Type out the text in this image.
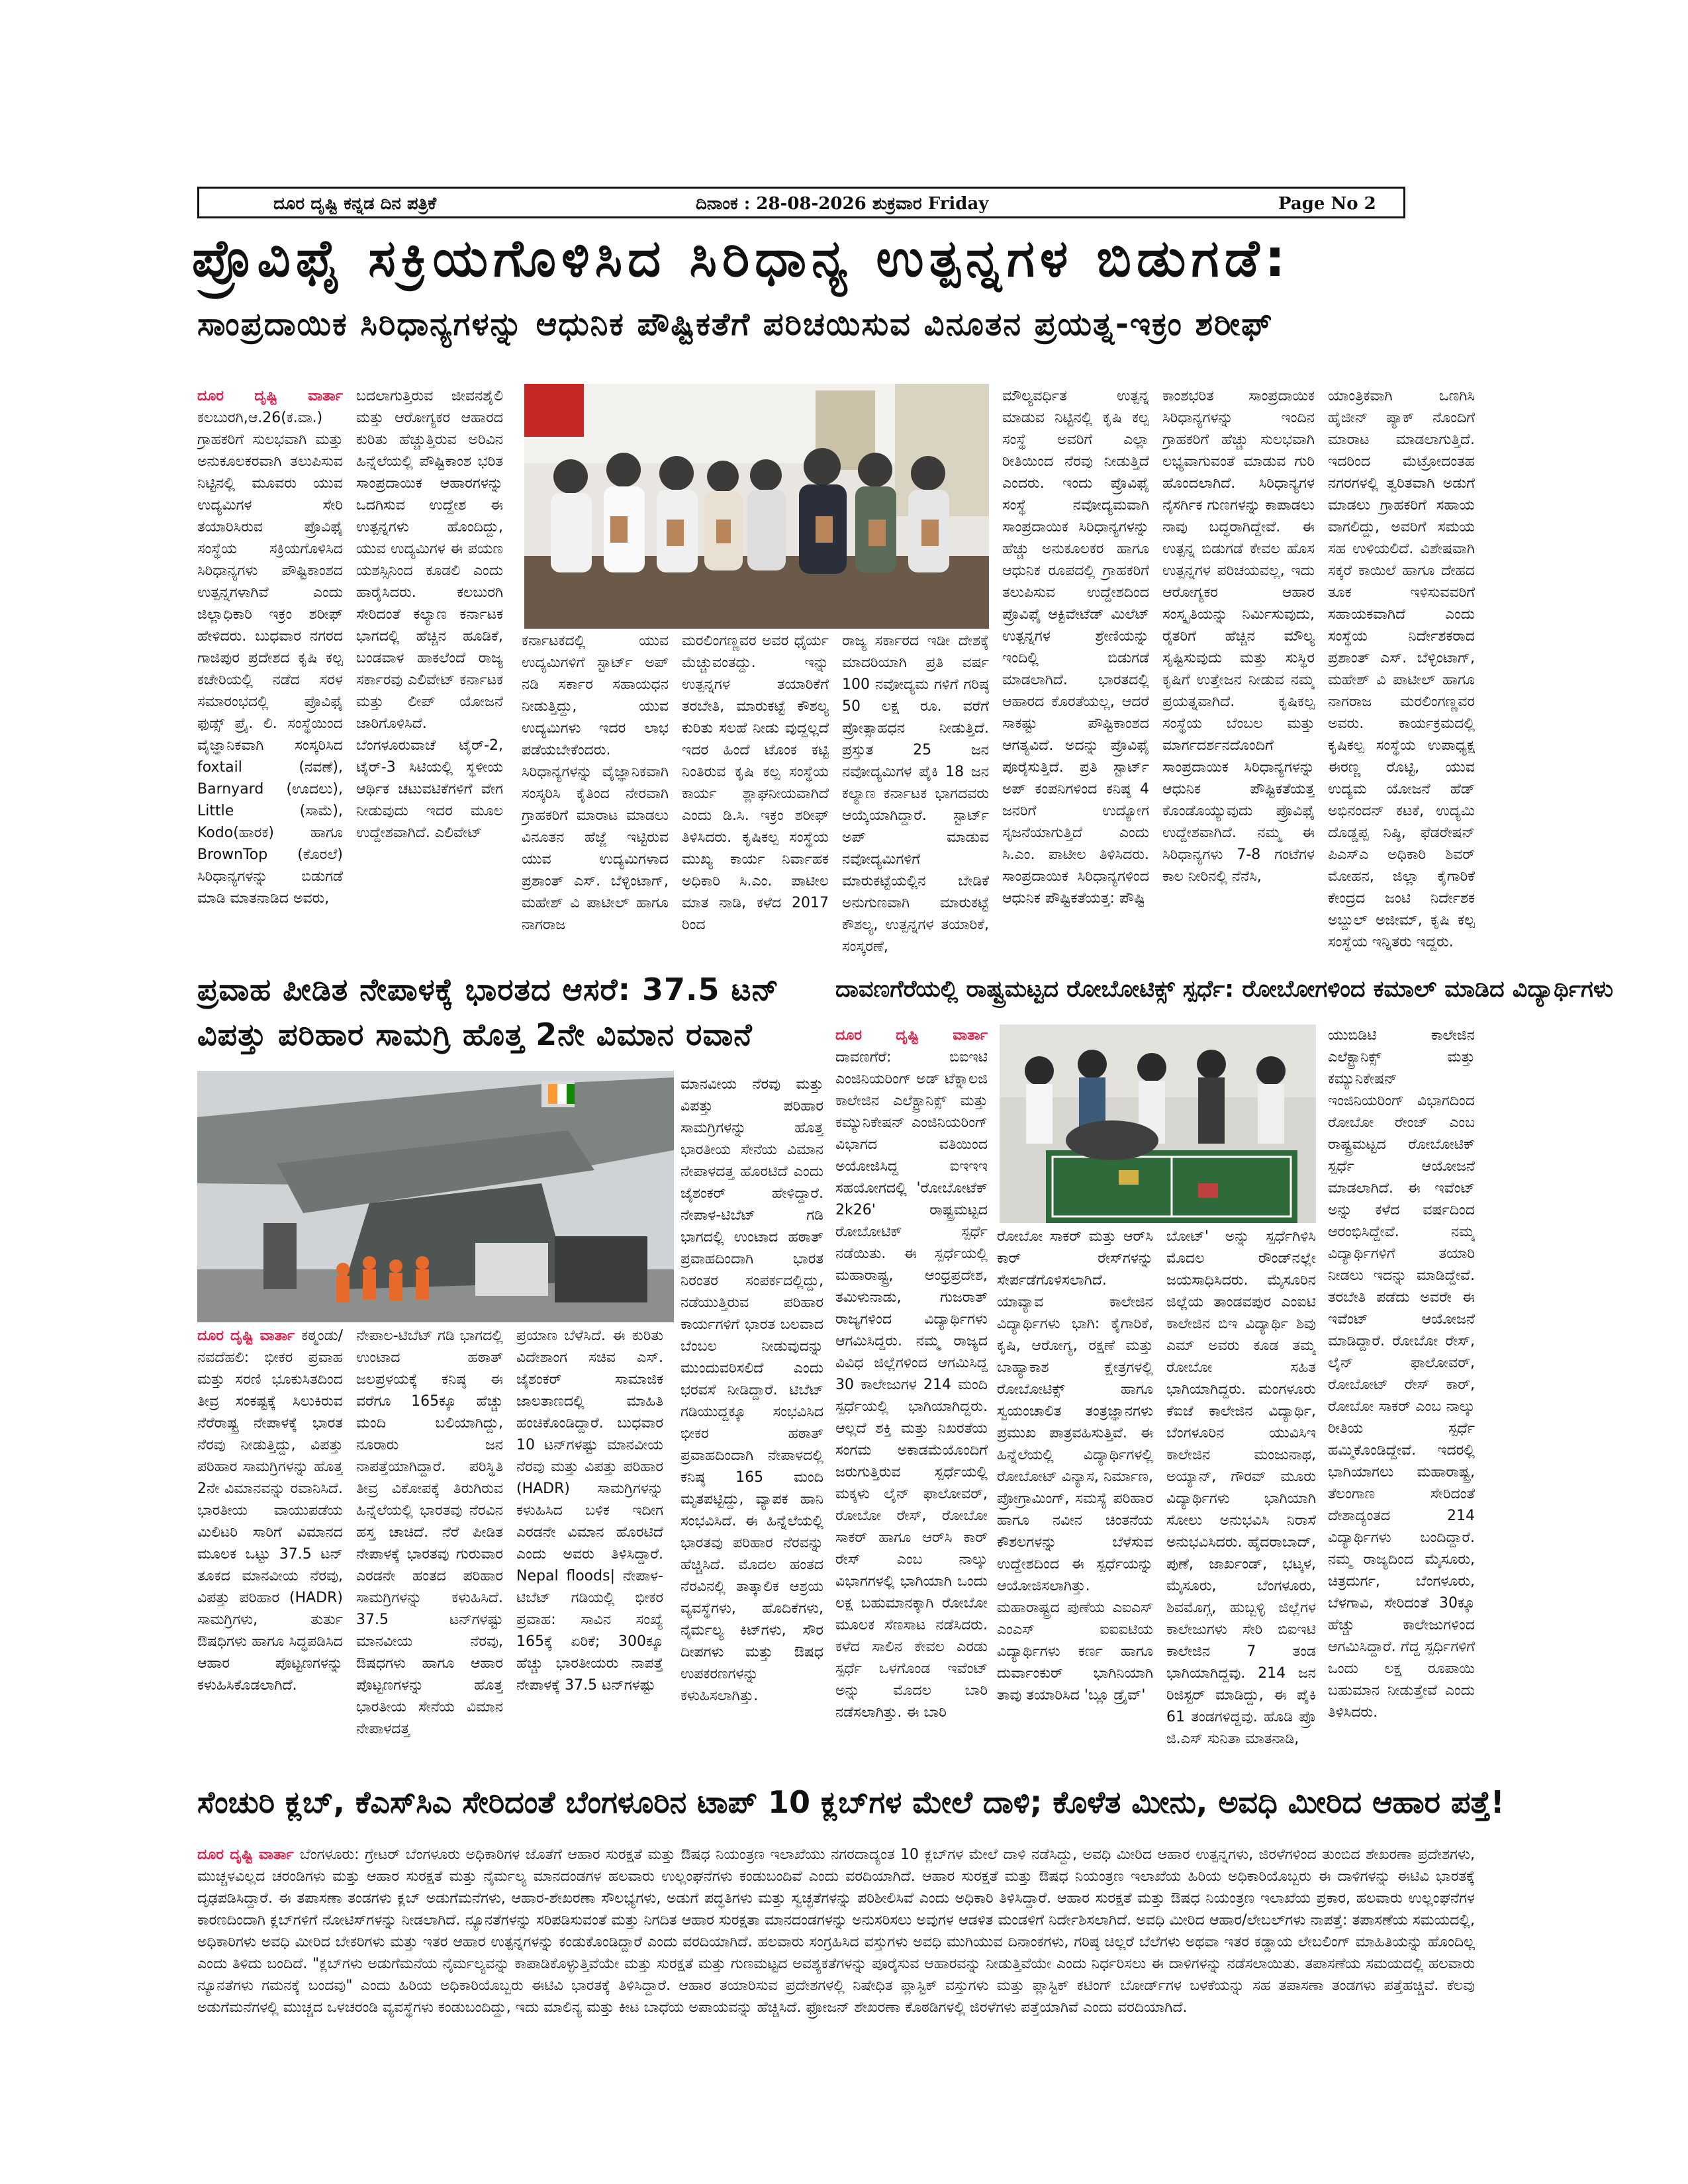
ದೂರ ದೃಷ್ಟಿ ಕನ್ನಡ ದಿನ ಪತ್ರಿಕೆ	ದಿನಾಂಕ : 28-08-2026 ಶುಕ್ರವಾರ Friday	Page No 2
ಪ್ರೊವಿಫೈ ಸಕ್ರಿಯಗೊಳಿಸಿದ ಸಿರಿಧಾನ್ಯ ಉತ್ಪನ್ನಗಳ ಬಿಡುಗಡೆ:
ಸಾಂಪ್ರದಾಯಿಕ ಸಿರಿಧಾನ್ಯಗಳನ್ನು ಆಧುನಿಕ ಪೌಷ್ಟಿಕತೆಗೆ ಪರಿಚಯಿಸುವ ವಿನೂತನ ಪ್ರಯತ್ನ-ಇಕ್ರಂ ಶರೀಫ್
ದೂರ ದೃಷ್ಟಿ ವಾರ್ತಾ ಕಲಬುರಗಿ,ಆ.26(ಕ.ವಾ.) ಗ್ರಾಹಕರಿಗೆ ಸುಲಭವಾಗಿ ಮತ್ತು ಅನುಕೂಲಕರವಾಗಿ ತಲುಪಿಸುವ ನಿಟ್ಟಿನಲ್ಲಿ ಮೂವರು ಯುವ ಉದ್ಯಮಿಗಳ ಸೇರಿ ತಯಾರಿಸಿರುವ ಪ್ರೊವಿಫೈ ಸಂಸ್ಥೆಯ ಸಕ್ರಿಯಗೊಳಿಸಿದ ಸಿರಿಧಾನ್ಯಗಳು ಪೌಷ್ಟಿಕಾಂಶದ ಉತ್ಪನ್ನಗಳಾಗಿವೆ ಎಂದು ಜಿಲ್ಲಾಧಿಕಾರಿ ಇಕ್ರಂ ಶರೀಫ್ ಹೇಳಿದರು. ಬುಧವಾರ ನಗರದ ಗಾಜಿಪುರ ಪ್ರದೇಶದ ಕೃಷಿ ಕಲ್ಪ ಕಚೇರಿಯಲ್ಲಿ ನಡೆದ ಸರಳ ಸಮಾರಂಭದಲ್ಲಿ ಪ್ರೊವಿಫೈ ಫುಡ್ಸ್ ಪ್ರೈ. ಲಿ. ಸಂಸ್ಥೆಯಿಂದ ವೈಜ್ಞಾನಿಕವಾಗಿ ಸಂಸ್ಕರಿಸಿದ foxtail (ನವಣೆ), Barnyard (ಊದಲು), Little (ಸಾಮೆ), Kodo(ಹಾರಕ) ಹಾಗೂ BrownTop (ಕೊರಲೆ) ಸಿರಿಧಾನ್ಯಗಳನ್ನು ಬಿಡುಗಡೆ ಮಾಡಿ ಮಾತನಾಡಿದ ಅವರು,
ಬದಲಾಗುತ್ತಿರುವ ಜೀವನಶೈಲಿ ಮತ್ತು ಆರೋಗ್ಯಕರ ಆಹಾರದ ಕುರಿತು ಹೆಚ್ಚುತ್ತಿರುವ ಅರಿವಿನ ಹಿನ್ನೆಲೆಯಲ್ಲಿ ಪೌಷ್ಟಿಕಾಂಶ ಭರಿತ ಸಾಂಪ್ರದಾಯಿಕ ಆಹಾರಗಳನ್ನು ಒದಗಿಸುವ ಉದ್ದೇಶ ಈ ಉತ್ಪನ್ನಗಳು ಹೊಂದಿದ್ದು, ಯುವ ಉದ್ಯಮಿಗಳ ಈ ಪಯಣ ಯಶಸ್ಸಿನಿಂದ ಕೂಡಲಿ ಎಂದು ಹಾರೈಸಿದರು. ಕಲಬುರಗಿ ಸೇರಿದಂತೆ ಕಲ್ಯಾಣ ಕರ್ನಾಟಕ ಭಾಗದಲ್ಲಿ ಹೆಚ್ಚಿನ ಹೂಡಿಕೆ, ಬಂಡವಾಳ ಹಾಕಲೆಂದೆ ರಾಜ್ಯ ಸರ್ಕಾರವು ಎಲಿವೇಟ್ ಕರ್ನಾಟಕ ಮತ್ತು ಲೀಪ್ ಯೋಜನೆ ಜಾರಿಗೊಳಿಸಿದೆ. ಬೆಂಗಳೂರುವಾಚೆ ಟೈರ್-2, ಟೈರ್-3 ಸಿಟಿಯಲ್ಲಿ ಸ್ಥಳೀಯ ಆರ್ಥಿಕ ಚಟುವಟಿಕೆಗಳಿಗೆ ವೇಗ ನೀಡುವುದು ಇದರ ಮೂಲ ಉದ್ದೇಶವಾಗಿದೆ. ಎಲಿವೇಟ್
ಕರ್ನಾಟಕದಲ್ಲಿ ಯುವ ಉದ್ಯಮಿಗಳಿಗೆ ಸ್ಟಾರ್ಟ್ ಅಪ್ ನಡಿ ಸರ್ಕಾರ ಸಹಾಯಧನ ನೀಡುತ್ತಿದ್ದು, ಯುವ ಉದ್ಯಮಿಗಳು ಇದರ ಲಾಭ ಪಡೆಯಬೇಕೆಂದರು. ಸಿರಿಧಾನ್ಯಗಳನ್ನು ವೈಜ್ಞಾನಿಕವಾಗಿ ಸಂಸ್ಕರಿಸಿ ಕೈತಿಂದ ನೇರವಾಗಿ ಗ್ರಾಹಕರಿಗೆ ಮಾರಾಟ ಮಾಡಲು ವಿನೂತನ ಹೆಜ್ಜೆ ಇಟ್ಟಿರುವ ಯುವ ಉದ್ಯಮಿಗಳಾದ ಪ್ರಶಾಂತ್ ಎಸ್. ಬೆಳ್ಳಿಂಟಾಗ್, ಮಹೇಶ್ ವಿ ಪಾಟೀಲ್ ಹಾಗೂ ನಾಗರಾಜ
ಮರಲಿಂಗಣ್ಣವರ ಅವರ ಧೈರ್ಯ ಮೆಚ್ಚುವಂತದ್ದು. ಇನ್ನು ಉತ್ಪನ್ನಗಳ ತಯಾರಿಕೆಗೆ ತರಬೇತಿ, ಮಾರುಕಟ್ಟೆ ಕೌಶಲ್ಯ ಕುರಿತು ಸಲಹೆ ನೀಡು ವುದ್ದಲ್ಲದೆ ಇದರ ಹಿಂದೆ ಟೊಂಕ ಕಟ್ಟಿ ನಿಂತಿರುವ ಕೃಷಿ ಕಲ್ಪ ಸಂಸ್ಥೆಯ ಕಾರ್ಯ ಶ್ಲಾಘನೀಯವಾಗಿದೆ ಎಂದು ಡಿ.ಸಿ. ಇಕ್ರಂ ಶರೀಫ್ ತಿಳಿಸಿದರು. ಕೃಷಿಕಲ್ಪ ಸಂಸ್ಥೆಯ ಮುಖ್ಯ ಕಾರ್ಯ ನಿರ್ವಾಹಕ ಅಧಿಕಾರಿ ಸಿ.ಎಂ. ಪಾಟೀಲ ಮಾತ ನಾಡಿ, ಕಳೆದ 2017 ರಿಂದ
ರಾಜ್ಯ ಸರ್ಕಾರದ ಇಡೀ ದೇಶಕ್ಕೆ ಮಾದರಿಯಾಗಿ ಪ್ರತಿ ವರ್ಷ 100 ನವೋದ್ಯಮ ಗಳಿಗೆ ಗರಿಷ್ಠ 50 ಲಕ್ಷ ರೂ. ವರೆಗೆ ಪ್ರೋತ್ಸಾಹಧನ ನೀಡುತ್ತಿದೆ. ಪ್ರಸ್ತುತ 25 ಜನ ನವೋದ್ಯಮಿಗಳ ಪೈಕಿ 18 ಜನ ಕಲ್ಯಾಣ ಕರ್ನಾಟಕ ಭಾಗದವರು ಆಯ್ಕೆಯಾಗಿದ್ದಾರೆ. ಸ್ಟಾರ್ಟ್ ಅಪ್ ಮಾಡುವ ನವೋದ್ಯಮಿಗಳಿಗೆ ಮಾರುಕಟ್ಟೆಯಲ್ಲಿನ ಬೇಡಿಕೆ ಅನುಗುಣವಾಗಿ ಮಾರುಕಟ್ಟೆ ಕೌಶಲ್ಯ, ಉತ್ಪನ್ನಗಳ ತಯಾರಿಕೆ, ಸಂಸ್ಕರಣೆ,
ಮೌಲ್ಯವರ್ಧಿತ ಉತ್ಪನ್ನ ಮಾಡುವ ನಿಟ್ಟಿನಲ್ಲಿ ಕೃಷಿ ಕಲ್ಪ ಸಂಸ್ಥೆ ಅವರಿಗೆ ಎಲ್ಲಾ ರೀತಿಯಿಂದ ನೆರವು ನೀಡುತ್ತಿದೆ ಎಂದರು. ಇಂದು ಪ್ರೊವಿಫೈ ಸಂಸ್ಥೆ ನವೋದ್ಯಮವಾಗಿ ಸಾಂಪ್ರದಾಯಿಕ ಸಿರಿಧಾನ್ಯಗಳನ್ನು ಹೆಚ್ಚು ಅನುಕೂಲಕರ ಹಾಗೂ ಆಧುನಿಕ ರೂಪದಲ್ಲಿ ಗ್ರಾಹಕರಿಗೆ ತಲುಪಿಸುವ ಉದ್ದೇಶದಿಂದ ಪ್ರೊವಿಫೈ ಆಕ್ಟಿವೇಟೆಡ್ ಮಿಲೆಟ್ ಉತ್ಪನ್ನಗಳ ಶ್ರೇಣಿಯನ್ನು ಇಂದಿಲ್ಲಿ ಬಿಡುಗಡೆ ಮಾಡಲಾಗಿದೆ. ಭಾರತದಲ್ಲಿ ಆಹಾರದ ಕೊರತೆಯಲ್ಲ, ಆದರೆ ಸಾಕಷ್ಟು ಪೌಷ್ಟಿಕಾಂಶದ ಆಗತ್ಯವಿದೆ. ಅದನ್ನು ಪ್ರೊವಿಫೈ ಪೂರೈಸುತ್ತಿದೆ. ಪ್ರತಿ ಸ್ಟಾರ್ಟ್ ಅಪ್ ಕಂಪನಿಗಳಿಂದ ಕನಿಷ್ಠ 4 ಜನರಿಗೆ ಉದ್ಯೋಗ ಸೃಜನೆಯಾಗುತ್ತಿದೆ ಎಂದು ಸಿ.ಎಂ. ಪಾಟೀಲ ತಿಳಿಸಿದರು. ಸಾಂಪ್ರದಾಯಿಕ ಸಿರಿಧಾನ್ಯಗಳಿಂದ ಆಧುನಿಕ ಪೌಷ್ಟಿಕತೆಯತ್ತ: ಪೌಷ್ಟಿ
ಕಾಂಶಭರಿತ ಸಾಂಪ್ರದಾಯಿಕ ಸಿರಿಧಾನ್ಯಗಳನ್ನು ಇಂದಿನ ಗ್ರಾಹಕರಿಗೆ ಹೆಚ್ಚು ಸುಲಭವಾಗಿ ಲಭ್ಯವಾಗುವಂತೆ ಮಾಡುವ ಗುರಿ ಹೊಂದಲಾಗಿದೆ. ಸಿರಿಧಾನ್ಯಗಳ ನೈಸರ್ಗಿಕ ಗುಣಗಳನ್ನು ಕಾಪಾಡಲು ನಾವು ಬದ್ಧರಾಗಿದ್ದೇವೆ. ಈ ಉತ್ಪನ್ನ ಬಿಡುಗಡೆ ಕೇವಲ ಹೊಸ ಉತ್ಪನ್ನಗಳ ಪರಿಚಯವಲ್ಲ, ಇದು ಆರೋಗ್ಯಕರ ಆಹಾರ ಸಂಸ್ಕೃತಿಯನ್ನು ನಿರ್ಮಿಸುವುದು, ರೈತರಿಗೆ ಹೆಚ್ಚಿನ ಮೌಲ್ಯ ಸೃಷ್ಟಿಸುವುದು ಮತ್ತು ಸುಸ್ಥಿರ ಕೃಷಿಗೆ ಉತ್ತೇಜನ ನೀಡುವ ನಮ್ಮ ಪ್ರಯತ್ನವಾಗಿದೆ. ಕೃಷಿಕಲ್ಪ ಸಂಸ್ಥೆಯ ಬೆಂಬಲ ಮತ್ತು ಮಾರ್ಗದರ್ಶನದೊಂದಿಗೆ ಸಾಂಪ್ರದಾಯಿಕ ಸಿರಿಧಾನ್ಯಗಳನ್ನು ಆಧುನಿಕ ಪೌಷ್ಟಿಕತೆಯತ್ತ ಕೊಂಡೊಯ್ಯುವುದು ಪ್ರೊವಿಫೈ ಉದ್ದೇಶವಾಗಿದೆ. ನಮ್ಮ ಈ ಸಿರಿಧಾನ್ಯಗಳು 7-8 ಗಂಟೆಗಳ ಕಾಲ ನೀರಿನಲ್ಲಿ ನೆನೆಸಿ,
ಯಾಂತ್ರಿಕವಾಗಿ ಒಣಗಿಸಿ ಹೈಜೀನ್ ಪ್ಯಾಕ್ ನೊಂದಿಗೆ ಮಾರಾಟ ಮಾಡಲಾಗುತ್ತಿದೆ. ಇದರಿಂದ ಮೆಟ್ರೋದಂತಹ ನಗರಗಳಲ್ಲಿ ತ್ವರಿತವಾಗಿ ಅಡುಗೆ ಮಾಡಲು ಗ್ರಾಹಕರಿಗೆ ಸಹಾಯ ವಾಗಲಿದ್ದು, ಅವರಿಗೆ ಸಮಯ ಸಹ ಉಳಿಯಲಿದೆ. ವಿಶೇಷವಾಗಿ ಸಕ್ಕರೆ ಕಾಯಿಲೆ ಹಾಗೂ ದೇಹದ ತೂಕ ಇಳಿಸುವವರಿಗೆ ಸಹಾಯಕವಾಗಿದೆ ಎಂದು ಸಂಸ್ಥೆಯ ನಿರ್ದೇಶಕರಾದ ಪ್ರಶಾಂತ್ ಎಸ್. ಬೆಳ್ಳಿಂಟಾಗ್, ಮಹೇಶ್ ವಿ ಪಾಟೀಲ್ ಹಾಗೂ ನಾಗರಾಜ ಮರಲಿಂಗಣ್ಣವರ ಅವರು. ಕಾರ್ಯಕ್ರಮದಲ್ಲಿ ಕೃಷಿಕಲ್ಪ ಸಂಸ್ಥೆಯ ಉಪಾಧ್ಯಕ್ಷ ಈರಣ್ಣ ರೊಟ್ಟಿ, ಯುವ ಉದ್ಯಮ ಯೋಜನೆ ಹೆಡ್ ಅಭಿನಂದನ್ ಕಟಕೆ, ಉದ್ಯಮಿ ದೊಡ್ಡಪ್ಪ ನಿಷ್ಠಿ, ಫೆಡರೇಷನ್ ಪಿಎಸ್ಎ ಅಧಿಕಾರಿ ಶಿವರ್ ಮೋಹನ, ಜಿಲ್ಲಾ ಕೈಗಾರಿಕೆ ಕೇಂದ್ರದ ಜಂಟಿ ನಿರ್ದೇಶಕ ಅಬ್ದುಲ್ ಅಜೀಮ್, ಕೃಷಿ ಕಲ್ಪ ಸಂಸ್ಥೆಯ ಇನ್ನಿತರು ಇದ್ದರು.
ಪ್ರವಾಹ ಪೀಡಿತ ನೇಪಾಳಕ್ಕೆ ಭಾರತದ ಆಸರೆ: 37.5 ಟನ್
ವಿಪತ್ತು ಪರಿಹಾರ ಸಾಮಗ್ರಿ ಹೊತ್ತ 2ನೇ ವಿಮಾನ ರವಾನೆ
ದೂರ ದೃಷ್ಟಿ ವಾರ್ತಾ ಕಠ್ಮಂಡು/ನವದೆಹಲಿ: ಭೀಕರ ಪ್ರವಾಹ ಮತ್ತು ಸರಣಿ ಭೂಕುಸಿತದಿಂದ ತೀವ್ರ ಸಂಕಷ್ಟಕ್ಕೆ ಸಿಲುಕಿರುವ ನೆರೆರಾಷ್ಟ್ರ ನೇಪಾಳಕ್ಕೆ ಭಾರತ ನೆರವು ನೀಡುತ್ತಿದ್ದು, ವಿಪತ್ತು ಪರಿಹಾರ ಸಾಮಗ್ರಿಗಳನ್ನು ಹೊತ್ತ 2ನೇ ವಿಮಾನವನ್ನು ರವಾನಿಸಿದೆ. ಭಾರತೀಯ ವಾಯುಪಡೆಯ ಮಿಲಿಟರಿ ಸಾರಿಗೆ ವಿಮಾನದ ಮೂಲಕ ಒಟ್ಟು 37.5 ಟನ್ ತೂಕದ ಮಾನವೀಯ ನೆರವು, ವಿಪತ್ತು ಪರಿಹಾರ (HADR) ಸಾಮಗ್ರಿಗಳು, ತುರ್ತು ಔಷಧಿಗಳು ಹಾಗೂ ಸಿದ್ಧಪಡಿಸಿದ ಆಹಾರ ಪೊಟ್ಟಣಗಳನ್ನು ಕಳುಹಿಸಿಕೊಡಲಾಗಿದೆ.
ನೇಪಾಲ-ಟಿಬೆಟ್ ಗಡಿ ಭಾಗದಲ್ಲಿ ಉಂಟಾದ ಹಠಾತ್ ಜಲಪ್ರಳಯಕ್ಕೆ ಕನಿಷ್ಠ ಈ ವರೆಗೂ 165ಕ್ಕೂ ಹೆಚ್ಚು ಮಂದಿ ಬಲಿಯಾಗಿದ್ದು, ನೂರಾರು ಜನ ನಾಪತ್ತೆಯಾಗಿದ್ದಾರೆ. ಪರಿಸ್ಥಿತಿ ತೀವ್ರ ವಿಕೋಪಕ್ಕೆ ತಿರುಗಿರುವ ಹಿನ್ನೆಲೆಯಲ್ಲಿ ಭಾರತವು ನೆರವಿನ ಹಸ್ತ ಚಾಚಿದೆ. ನೆರೆ ಪೀಡಿತ ನೇಪಾಳಕ್ಕೆ ಭಾರತವು ಗುರುವಾರ ಎರಡನೇ ಹಂತದ ಪರಿಹಾರ ಸಾಮಗ್ರಿಗಳನ್ನು ಕಳುಹಿಸಿದೆ. 37.5 ಟನ್‌ಗಳಷ್ಟು ಮಾನವೀಯ ನೆರವು, ಔಷಧಗಳು ಹಾಗೂ ಆಹಾರ ಪೊಟ್ಟಣಗಳನ್ನು ಹೊತ್ತ ಭಾರತೀಯ ಸೇನೆಯ ವಿಮಾನ ನೇಪಾಳದತ್ತ
ಪ್ರಯಾಣ ಬೆಳೆಸಿದೆ. ಈ ಕುರಿತು ವಿದೇಶಾಂಗ ಸಚಿವ ಎಸ್. ಜೈಶಂಕರ್ ಸಾಮಾಜಿಕ ಜಾಲತಾಣದಲ್ಲಿ ಮಾಹಿತಿ ಹಂಚಿಕೊಂಡಿದ್ದಾರೆ. ಬುಧವಾರ 10 ಟನ್‌ಗಳಷ್ಟು ಮಾನವೀಯ ನೆರವು ಮತ್ತು ವಿಪತ್ತು ಪರಿಹಾರ (HADR) ಸಾಮಗ್ರಿಗಳನ್ನು ಕಳುಹಿಸಿದ ಬಳಿಕ ಇದೀಗ ಎರಡನೇ ವಿಮಾನ ಹೊರಟಿದೆ ಎಂದು ಅವರು ತಿಳಿಸಿದ್ದಾರೆ. Nepal floods| ನೇಪಾಳ-ಟಿಬೆಟ್ ಗಡಿಯಲ್ಲಿ ಭೀಕರ ಪ್ರವಾಹ: ಸಾವಿನ ಸಂಖ್ಯೆ 165ಕ್ಕೆ ಏರಿಕೆ; 300ಕ್ಕೂ ಹೆಚ್ಚು ಭಾರತೀಯರು ನಾಪತ್ತೆ ನೇಪಾಳಕ್ಕೆ 37.5 ಟನ್‌ಗಳಷ್ಟು
ಮಾನವೀಯ ನೆರವು ಮತ್ತು ವಿಪತ್ತು ಪರಿಹಾರ ಸಾಮಗ್ರಿಗಳನ್ನು ಹೊತ್ತ ಭಾರತೀಯ ಸೇನೆಯ ವಿಮಾನ ನೇಪಾಳದತ್ತ ಹೊರಟಿದೆ ಎಂದು ಜೈಶಂಕರ್ ಹೇಳಿದ್ದಾರೆ. ನೇಪಾಳ-ಟಿಬೆಟ್ ಗಡಿ ಭಾಗದಲ್ಲಿ ಉಂಟಾದ ಹಠಾತ್ ಪ್ರವಾಹದಿಂದಾಗಿ ಭಾರತ ನಿರಂತರ ಸಂಪರ್ಕದಲ್ಲಿದ್ದು, ನಡೆಯುತ್ತಿರುವ ಪರಿಹಾರ ಕಾರ್ಯಗಳಿಗೆ ಭಾರತ ಬಲವಾದ ಬೆಂಬಲ ನೀಡುವುದನ್ನು ಮುಂದುವರಿಸಲಿದೆ ಎಂದು ಭರವಸೆ ನೀಡಿದ್ದಾರೆ. ಟಿಬೆಟ್ ಗಡಿಯುದ್ದಕ್ಕೂ ಸಂಭವಿಸಿದ ಭೀಕರ ಹಠಾತ್ ಪ್ರವಾಹದಿಂದಾಗಿ ನೇಪಾಳದಲ್ಲಿ ಕನಿಷ್ಠ 165 ಮಂದಿ ಮೃತಪಟ್ಟಿದ್ದು, ವ್ಯಾಪಕ ಹಾನಿ ಸಂಭವಿಸಿದೆ. ಈ ಹಿನ್ನೆಲೆಯಲ್ಲಿ ಭಾರತವು ಪರಿಹಾರ ನೆರವನ್ನು ಹೆಚ್ಚಿಸಿದೆ. ಮೊದಲ ಹಂತದ ನೆರವಿನಲ್ಲಿ ತಾತ್ಕಾಲಿಕ ಆಶ್ರಯ ವ್ಯವಸ್ಥೆಗಳು, ಹೊದಿಕೆಗಳು, ನೈರ್ಮಲ್ಯ ಕಿಟ್‌ಗಳು, ಸೌರ ದೀಪಗಳು ಮತ್ತು ಔಷಧ ಉಪಕರಣಗಳನ್ನು ಕಳುಹಿಸಲಾಗಿತ್ತು.
ದಾವಣಗೆರೆಯಲ್ಲಿ ರಾಷ್ಟ್ರಮಟ್ಟದ ರೋಬೋಟಿಕ್ಸ್ ಸ್ಪರ್ಧೆ: ರೋಬೋಗಳಿಂದ ಕಮಾಲ್ ಮಾಡಿದ ವಿದ್ಯಾರ್ಥಿಗಳು
ದೂರ ದೃಷ್ಟಿ ವಾರ್ತಾ ದಾವಣಗೆರೆ: ಬಿಐಇಟಿ ಎಂಜಿನಿಯರಿಂಗ್ ಅಡ್ ಟೆಕ್ನಾಲಜಿ ಕಾಲೇಜಿನ ಎಲೆಕ್ಟ್ರಾನಿಕ್ಸ್ ಮತ್ತು ಕಮ್ಯುನಿಕೇಷನ್ ಎಂಜಿನಿಯರಿಂಗ್ ವಿಭಾಗದ ವತಿಯಿಂದ ಅಯೋಜಿಸಿದ್ದ ಐಇಇಇ ಸಹಯೋಗದಲ್ಲಿ 'ರೋಬೋಟೆಕ್ 2k26' ರಾಷ್ಟ್ರಮಟ್ಟದ ರೋಬೋಟಿಕ್ ಸ್ಪರ್ಧೆ ನಡೆಯಿತು. ಈ ಸ್ಪರ್ಧೆಯಲ್ಲಿ ಮಹಾರಾಷ್ಟ್ರ, ಆಂಧ್ರಪ್ರದೇಶ, ತಮಿಳುನಾಡು, ಗುಜರಾತ್ ರಾಜ್ಯಗಳಿಂದ ವಿದ್ಯಾರ್ಥಿಗಳು ಆಗಮಿಸಿದ್ದರು. ನಮ್ಮ ರಾಜ್ಯದ ವಿವಿಧ ಜಿಲ್ಲೆಗಳಿಂದ ಆಗಮಿಸಿದ್ದ 30 ಕಾಲೇಜುಗಳ 214 ಮಂದಿ ಸ್ಪರ್ಧೆಯಲ್ಲಿ ಭಾಗಿಯಾಗಿದ್ದರು. ಆಲ್ಲದೆ ಶಕ್ತಿ ಮತ್ತು ನಿಖರತೆಯ ಸಂಗಮ ಅಕಾಡಮೆಯೊಂದಿಗೆ ಜರುಗುತ್ತಿರುವ ಸ್ಪರ್ಧೆಯಲ್ಲಿ ಮಕ್ಕಳು ಲೈನ್ ಫಾಲೋವರ್, ರೋಬೋ ರೇಸ್, ರೋಬೋ ಸಾಕರ್ ಹಾಗೂ ಆರ್‌ಸಿ ಕಾರ್ ರೇಸ್ ಎಂಬ ನಾಲ್ಕು ವಿಭಾಗಗಳಲ್ಲಿ ಭಾಗಿಯಾಗಿ ಒಂದು ಲಕ್ಷ ಬಹುಮಾನಕ್ಕಾಗಿ ರೋಬೋ ಮೂಲಕ ಸೆಣಸಾಟ ನಡೆಸಿದರು. ಕಳೆದ ಸಾಲಿನ ಕೇವಲ ಎರಡು ಸ್ಪರ್ಧೆ ಒಳಗೊಂಡ ಇವೆಂಟ್ ಅನ್ನು ಮೊದಲ ಬಾರಿ ನಡೆಸಲಾಗಿತ್ತು. ಈ ಬಾರಿ
ರೋಬೋ ಸಾಕರ್ ಮತ್ತು ಆರ್‌ಸಿ ಕಾರ್ ರೇಸ್‌ಗಳನ್ನು ಸೇರ್ಪಡೆಗೊಳಿಸಲಾಗಿದೆ. ಯಾವ್ಯಾವ ಕಾಲೇಜಿನ ವಿದ್ಯಾರ್ಥಿಗಳು ಭಾಗಿ: ಕೈಗಾರಿಕೆ, ಕೃಷಿ, ಆರೋಗ್ಯ, ರಕ್ಷಣೆ ಮತ್ತು ಬಾಹ್ಯಾಕಾಶ ಕ್ಷೇತ್ರಗಳಲ್ಲಿ ರೋಬೋಟಿಕ್ಸ್ ಹಾಗೂ ಸ್ವಯಂಚಾಲಿತ ತಂತ್ರಜ್ಞಾನಗಳು ಪ್ರಮುಖ ಪಾತ್ರವಹಿಸುತ್ತಿವೆ. ಈ ಹಿನ್ನೆಲೆಯಲ್ಲಿ ವಿದ್ಯಾರ್ಥಿಗಳಲ್ಲಿ ರೋಬೋಟ್ ವಿನ್ಯಾಸ, ನಿರ್ಮಾಣ, ಪ್ರೋಗ್ರಾಮಿಂಗ್, ಸಮಸ್ಯೆ ಪರಿಹಾರ ಹಾಗೂ ನವೀನ ಚಿಂತನೆಯ ಕೌಶಲಗಳನ್ನು ಬೆಳೆಸುವ ಉದ್ದೇಶದಿಂದ ಈ ಸ್ಪರ್ಧೆಯನ್ನು ಆಯೋಜಿಸಲಾಗಿತ್ತು. ಮಹಾರಾಷ್ಟ್ರದ ಪುಣೆಯ ಎಐಎಸ್ ಎಂಎಸ್ ಐಐಐಟಿಯ ವಿದ್ಯಾರ್ಥಿಗಳು ಕರ್ಣ ಹಾಗೂ ದುರ್ವಾಂಕುರ್ ಭಾಗಿನಿಯಾಗಿ ತಾವು ತಯಾರಿಸಿದ 'ಬ್ಲೂ ಡ್ರೈವ್'
ಬೋಟ್' ಅನ್ನು ಸ್ಪರ್ಧೆಗಿಳಿಸಿ ಮೊದಲ ರೌಂಡ್‌ನಲ್ಲೇ ಜಯಸಾಧಿಸಿದರು. ಮೈಸೂರಿನ ಜಿಲ್ಲೆಯ ತಾಂಡವಪುರ ಎಂಐಟಿ ಕಾಲೇಜಿನ ಬಿಇ ವಿದ್ಯಾರ್ಥಿ ಶಿವು ಎಮ್ ಅವರು ಕೂಡ ತಮ್ಮ ರೋಬೋ ಸಹಿತ ಭಾಗಿಯಾಗಿದ್ದರು. ಮಂಗಳೂರು ಕೆಐಜೆ ಕಾಲೇಜಿನ ವಿದ್ಯಾರ್ಥಿ, ಬೆಂಗಳೂರಿನ ಯುವಿಸಿಇ ಕಾಲೇಜಿನ ಮಂಜುನಾಥ, ಅಯ್ಯಾನ್, ಗೌರವ್ ಮೂರು ವಿದ್ಯಾರ್ಥಿಗಳು ಭಾಗಿಯಾಗಿ ಸೋಲು ಅನುಭವಿಸಿ ನಿರಾಸೆ ಅನುಭವಿಸಿದರು. ಹೈದರಾಬಾದ್, ಪುಣೆ, ಜಾರ್ಖಂಡ್, ಭಟ್ಕಳ, ಮೈಸೂರು, ಬೆಂಗಳೂರು, ಶಿವಮೊಗ್ಗ, ಹುಬ್ಬಳ್ಳಿ ಜಿಲ್ಲೆಗಳ ಕಾಲೇಜುಗಳು ಸೇರಿ ಬಿಐಇಟಿ ಕಾಲೇಜಿನ 7 ತಂಡ ಭಾಗಿಯಾಗಿದ್ದವು. 214 ಜನ ರಿಜಿಸ್ಟರ್ ಮಾಡಿದ್ದು, ಈ ಪೈಕಿ 61 ತಂಡಗಳಿದ್ದವು. ಹೊಡಿ ಪ್ರೊ ಜಿ.ಎಸ್ ಸುನಿತಾ ಮಾತನಾಡಿ,
ಯುಬಿಡಿಟಿ ಕಾಲೇಜಿನ ಎಲೆಕ್ಟ್ರಾನಿಕ್ಸ್ ಮತ್ತು ಕಮ್ಯುನಿಕೇಷನ್ ಇಂಜಿನಿಯರಿಂಗ್ ವಿಭಾಗದಿಂದ ರೋಬೋ ರೇಂಜ್ ಎಂಬ ರಾಷ್ಟ್ರಮಟ್ಟದ ರೋಬೋಟಿಕ್ ಸ್ಪರ್ಧೆ ಆಯೋಜನೆ ಮಾಡಲಾಗಿದೆ. ಈ ಇವೆಂಟ್ ಅನ್ನು ಕಳೆದ ವರ್ಷದಿಂದ ಆರಂಭಿಸಿದ್ದೇವೆ. ನಮ್ಮ ವಿದ್ಯಾರ್ಥಿಗಳಿಗೆ ತಯಾರಿ ನೀಡಲು ಇದನ್ನು ಮಾಡಿದ್ದೇವೆ. ತರಬೇತಿ ಪಡೆದು ಅವರೇ ಈ ಇವೆಂಟ್ ಆಯೋಜನೆ ಮಾಡಿದ್ದಾರೆ. ರೋಬೋ ರೇಸ್, ಲೈನ್ ಫಾಲೋವರ್, ರೋಬೋಟ್ ರೇಸ್ ಕಾರ್, ರೋಬೋ ಸಾಕರ್ ಎಂಬ ನಾಲ್ಕು ರೀತಿಯ ಸ್ಪರ್ಧೆ ಹಮ್ಮಿಕೊಂಡಿದ್ದೇವೆ. ಇದರಲ್ಲಿ ಭಾಗಿಯಾಗಲು ಮಹಾರಾಷ್ಟ್ರ, ತೆಲಂಗಾಣ ಸೇರಿದಂತೆ ದೇಶಾದ್ಯಂತದ 214 ವಿದ್ಯಾರ್ಥಿಗಳು ಬಂದಿದ್ದಾರೆ. ನಮ್ಮ ರಾಜ್ಯದಿಂದ ಮೈಸೂರು, ಚಿತ್ರದುರ್ಗ, ಬೆಂಗಳೂರು, ಬೆಳಗಾವಿ, ಸೇರಿದಂತೆ 30ಕ್ಕೂ ಹೆಚ್ಚು ಕಾಲೇಜುಗಳಿಂದ ಆಗಮಿಸಿದ್ದಾರೆ. ಗೆದ್ದ ಸ್ಪರ್ಧಿಗಳಿಗೆ ಒಂದು ಲಕ್ಷ ರೂಪಾಯಿ ಬಹುಮಾನ ನೀಡುತ್ತೇವೆ ಎಂದು ತಿಳಿಸಿದರು.
ಸೆಂಚುರಿ ಕ್ಲಬ್, ಕೆಎಸ್‌ಸಿಎ ಸೇರಿದಂತೆ ಬೆಂಗಳೂರಿನ ಟಾಪ್ 10 ಕ್ಲಬ್‌ಗಳ ಮೇಲೆ ದಾಳಿ; ಕೊಳೆತ ಮೀನು, ಅವಧಿ ಮೀರಿದ ಆಹಾರ ಪತ್ತೆ!
ದೂರ ದೃಷ್ಟಿ ವಾರ್ತಾ ಬೆಂಗಳೂರು: ಗ್ರೇಟರ್ ಬೆಂಗಳೂರು ಅಧಿಕಾರಿಗಳ ಜೊತೆಗೆ ಆಹಾರ ಸುರಕ್ಷತೆ ಮತ್ತು ಔಷಧ ನಿಯಂತ್ರಣ ಇಲಾಖೆಯು ನಗರದಾದ್ಯಂತ 10 ಕ್ಲಬ್‌ಗಳ ಮೇಲೆ ದಾಳಿ ನಡೆಸಿದ್ದು, ಅವಧಿ ಮೀರಿದ ಆಹಾರ ಉತ್ಪನ್ನಗಳು, ಜಿರಳೆಗಳಿಂದ ತುಂಬಿದ ಶೇಖರಣಾ ಪ್ರದೇಶಗಳು, ಮುಚ್ಚಳವಿಲ್ಲದ ಚರಂಡಿಗಳು ಮತ್ತು ಆಹಾರ ಸುರಕ್ಷತೆ ಮತ್ತು ನೈರ್ಮಲ್ಯ ಮಾನದಂಡಗಳ ಹಲವಾರು ಉಲ್ಲಂಘನೆಗಳು ಕಂಡುಬಂದಿವೆ ಎಂದು ವರದಿಯಾಗಿದೆ. ಆಹಾರ ಸುರಕ್ಷತೆ ಮತ್ತು ಔಷಧ ನಿಯಂತ್ರಣ ಇಲಾಖೆಯ ಹಿರಿಯ ಅಧಿಕಾರಿಯೊಬ್ಬರು ಈ ದಾಳಿಗಳನ್ನು ಈಟಿವಿ ಭಾರತಕ್ಕೆ ದೃಢಪಡಿಸಿದ್ದಾರೆ. ಈ ತಪಾಸಣಾ ತಂಡಗಳು ಕ್ಲಬ್ ಅಡುಗೆಮನೆಗಳು, ಆಹಾರ-ಶೇಖರಣಾ ಸೌಲಭ್ಯಗಳು, ಅಡುಗೆ ಪದ್ಧತಿಗಳು ಮತ್ತು ಸ್ವಚ್ಛತೆಗಳನ್ನು ಪರಿಶೀಲಿಸಿವೆ ಎಂದು ಅಧಿಕಾರಿ ತಿಳಿಸಿದ್ದಾರೆ. ಆಹಾರ ಸುರಕ್ಷತೆ ಮತ್ತು ಔಷಧ ನಿಯಂತ್ರಣ ಇಲಾಖೆಯ ಪ್ರಕಾರ, ಹಲವಾರು ಉಲ್ಲಂಘನೆಗಳ ಕಾರಣದಿಂದಾಗಿ ಕ್ಲಬ್‌ಗಳಿಗೆ ನೋಟಿಸ್‌ಗಳನ್ನು ನೀಡಲಾಗಿದೆ. ನ್ಯೂನತೆಗಳನ್ನು ಸರಿಪಡಿಸುವಂತೆ ಮತ್ತು ನಿಗದಿತ ಆಹಾರ ಸುರಕ್ಷತಾ ಮಾನದಂಡಗಳನ್ನು ಅನುಸರಿಸಲು ಅವುಗಳ ಆಡಳಿತ ಮಂಡಳಿಗೆ ನಿರ್ದೇಶಿಸಲಾಗಿದೆ. ಅವಧಿ ಮೀರಿದ ಆಹಾರ/ಲೇಬಲ್‌ಗಳು ನಾಪತ್ತೆ: ತಪಾಸಣೆಯ ಸಮಯದಲ್ಲಿ, ಅಧಿಕಾರಿಗಳು ಅವಧಿ ಮೀರಿದ ಬೇಕರಿಗಳು ಮತ್ತು ಇತರ ಆಹಾರ ಉತ್ಪನ್ನಗಳನ್ನು ಕಂಡುಕೊಂಡಿದ್ದಾರೆ ಎಂದು ವರದಿಯಾಗಿದೆ. ಹಲವಾರು ಸಂಗ್ರಹಿಸಿದ ವಸ್ತುಗಳು ಅವಧಿ ಮುಗಿಯುವ ದಿನಾಂಕಗಳು, ಗರಿಷ್ಠ ಚಿಲ್ಲರೆ ಬೆಲೆಗಳು ಅಥವಾ ಇತರ ಕಡ್ಡಾಯ ಲೇಬಲಿಂಗ್ ಮಾಹಿತಿಯನ್ನು ಹೊಂದಿಲ್ಲ ಎಂದು ತಿಳಿದು ಬಂದಿದೆ. "ಕ್ಲಬ್‌ಗಳು ಅಡುಗೆಮನೆಯ ನೈರ್ಮಲ್ಯವನ್ನು ಕಾಪಾಡಿಕೊಳ್ಳುತ್ತಿವೆಯೇ ಮತ್ತು ಸುರಕ್ಷತೆ ಮತ್ತು ಗುಣಮಟ್ಟದ ಅವಶ್ಯಕತೆಗಳನ್ನು ಪೂರೈಸುವ ಆಹಾರವನ್ನು ನೀಡುತ್ತಿವೆಯೇ ಎಂದು ನಿರ್ಧರಿಸಲು ಈ ದಾಳಿಗಳನ್ನು ನಡೆಸಲಾಯಿತು. ತಪಾಸಣೆಯ ಸಮಯದಲ್ಲಿ ಹಲವಾರು ನ್ಯೂನತೆಗಳು ಗಮನಕ್ಕೆ ಬಂದವು" ಎಂದು ಹಿರಿಯ ಅಧಿಕಾರಿಯೊಬ್ಬರು ಈಟಿವಿ ಭಾರತಕ್ಕೆ ತಿಳಿಸಿದ್ದಾರೆ. ಆಹಾರ ತಯಾರಿಸುವ ಪ್ರದೇಶಗಳಲ್ಲಿ ನಿಷೇಧಿತ ಪ್ಲಾಸ್ಟಿಕ್ ವಸ್ತುಗಳು ಮತ್ತು ಪ್ಲಾಸ್ಟಿಕ್ ಕಟಿಂಗ್ ಬೋರ್ಡ್‌ಗಳ ಬಳಕೆಯನ್ನು ಸಹ ತಪಾಸಣಾ ತಂಡಗಳು ಪತ್ತೆಹಚ್ಚಿವೆ. ಕೆಲವು ಅಡುಗೆಮನೆಗಳಲ್ಲಿ ಮುಚ್ಚದ ಒಳಚರಂಡಿ ವ್ಯವಸ್ಥೆಗಳು ಕಂಡುಬಂದಿದ್ದು, ಇದು ಮಾಲಿನ್ಯ ಮತ್ತು ಕೀಟ ಬಾಧೆಯ ಅಪಾಯವನ್ನು ಹೆಚ್ಚಿಸಿದೆ. ಫ್ರೋಜನ್ ಶೇಖರಣಾ ಕೊಠಡಿಗಳಲ್ಲಿ ಜಿರಳೆಗಳು ಪತ್ತೆಯಾಗಿವೆ ಎಂದು ವರದಿಯಾಗಿದೆ.
